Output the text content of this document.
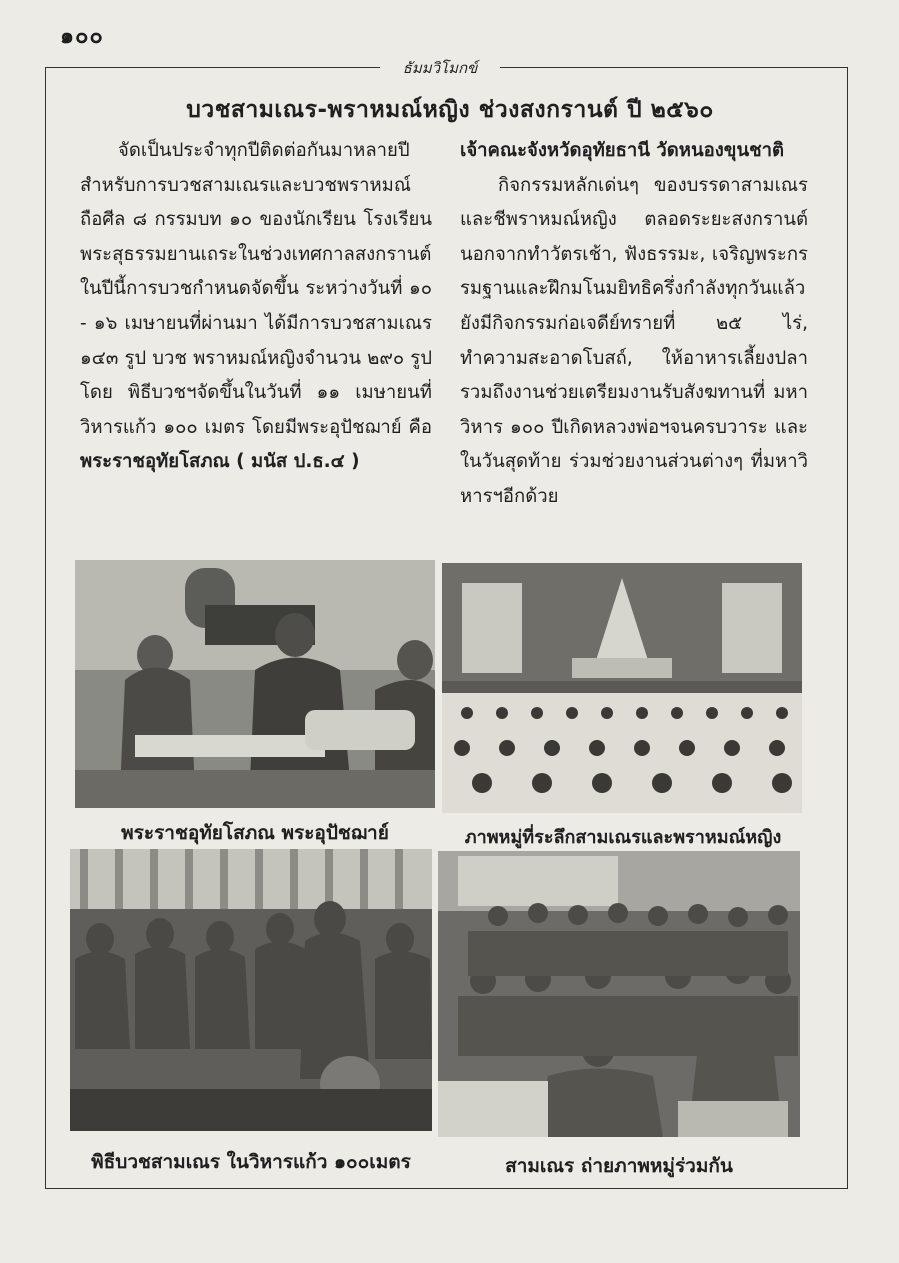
๑๐๐
ธัมมวิโมกข์
บวชสามเณร-พราหมณ์หญิง ช่วงสงกรานต์ ปี ๒๕๖๐

จัดเป็นประจำทุกปีติดต่อกันมาหลายปี สำหรับการบวชสามเณรและบวชพราหมณ์ ถือศีล ๘ กรรมบท ๑๐ ของนักเรียน โรงเรียนพระสุธรรมยานเถระในช่วงเทศกาลสงกรานต์ ในปีนี้การบวชกำหนดจัดขึ้น ระหว่างวันที่ ๑๐ - ๑๖ เมษายนที่ผ่านมา ได้มีการบวชสามเณร ๑๔๓ รูป บวช พราหมณ์หญิงจำนวน ๒๙๐ รูป โดย พิธีบวชฯจัดขึ้นในวันที่ ๑๑ เมษายนที่ วิหารแก้ว ๑๐๐ เมตร โดยมีพระอุปัชฌาย์ คือ พระราชอุทัยโสภณ ( มนัส ป.ธ.๔ )

เจ้าคณะจังหวัดอุทัยธานี วัดหนองขุนชาติ

กิจกรรมหลักเด่นๆ ของบรรดาสามเณรและชีพราหมณ์หญิง ตลอดระยะสงกรานต์ นอกจากทำวัตรเช้า, ฟังธรรมะ, เจริญพระกรรมฐานและฝึกมโนมยิทธิครึ่งกำลังทุกวันแล้ว ยังมีกิจกรรมก่อเจดีย์ทรายที่ ๒๕ ไร่, ทำความสะอาดโบสถ์, ให้อาหารเลี้ยงปลา รวมถึงงานช่วยเตรียมงานรับสังฆทานที่ มหาวิหาร ๑๐๐ ปีเกิดหลวงพ่อฯจนครบวาระ และในวันสุดท้าย ร่วมช่วยงานส่วนต่างๆ ที่มหาวิหารฯอีกด้วย

พระราชอุทัยโสภณ พระอุปัชฌาย์	ภาพหมู่ที่ระลึกสามเณรและพราหมณ์หญิง
พิธีบวชสามเณร ในวิหารแก้ว ๑๐๐เมตร	สามเณร ถ่ายภาพหมู่ร่วมกัน
